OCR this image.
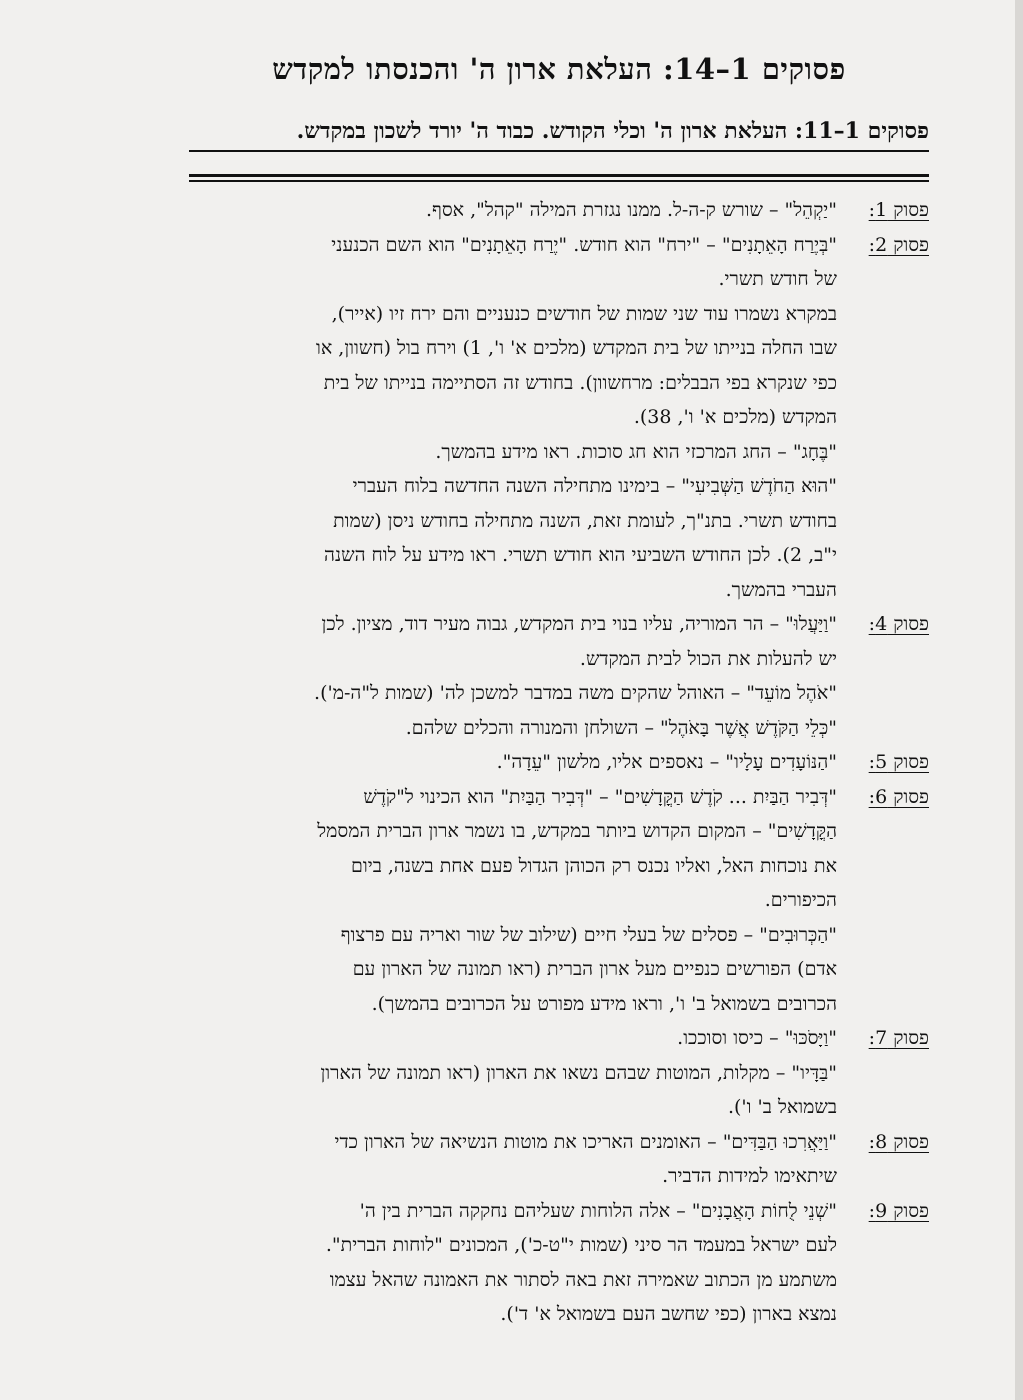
פסוקים 1–14: העלאת ארון ה' והכנסתו למקדש
פסוקים 1–11: העלאת ארון ה' וכלי הקודש. כבוד ה' יורד לשכון במקדש.
פסוק 1:
"יַקְהֵל" – שורש ק-ה-ל. ממנו נגזרת המילה "קהל", אסף.
פסוק 2:
"בְּיֶרַח הָאֵתָנִים" – "ירח" הוא חודש. "יֶרַח הָאֵתָנִים" הוא השם הכנעני
של חודש תשרי.
במקרא נשמרו עוד שני שמות של חודשים כנעניים והם ירח זיו (אייר),
שבו החלה בנייתו של בית המקדש (מלכים א' ו', 1) וירח בול (חשוון, או
כפי שנקרא בפי הבבלים: מרחשוון). בחודש זה הסתיימה בנייתו של בית
המקדש (מלכים א' ו', 38).
"בֶּחָג" – החג המרכזי הוא חג סוכות. ראו מידע בהמשך.
"הוּא הַחֹדֶשׁ הַשְּׁבִיעִי" – בימינו מתחילה השנה החדשה בלוח העברי
בחודש תשרי. בתנ"ך, לעומת זאת, השנה מתחילה בחודש ניסן (שמות
י"ב, 2). לכן החודש השביעי הוא חודש תשרי. ראו מידע על לוח השנה
העברי בהמשך.
פסוק 4:
"וַיַּעֲלוּ" – הר המוריה, עליו בנוי בית המקדש, גבוה מעיר דוד, מציון. לכן
יש להעלות את הכול לבית המקדש.
"אֹהֶל מוֹעֵד" – האוהל שהקים משה במדבר למשכן לה' (שמות ל"ה-מ').
"כְּלֵי הַקֹּדֶשׁ אֲשֶׁר בָּאֹהֶל" – השולחן והמנורה והכלים שלהם.
פסוק 5:
"הַנּוֹעָדִים עָלָיו" – נאספים אליו, מלשון "עֵדָה".
פסוק 6:
"דְּבִיר הַבַּיִת ... קֹדֶשׁ הַקֳּדָשִׁים" – "דְּבִיר הַבַּיִת" הוא הכינוי ל"קֹדֶשׁ
הַקֳּדָשִׁים" – המקום הקדוש ביותר במקדש, בו נשמר ארון הברית המסמל
את נוכחות האל, ואליו נכנס רק הכוהן הגדול פעם אחת בשנה, ביום
הכיפורים.
"הַכְּרוּבִים" – פסלים של בעלי חיים (שילוב של שור ואריה עם פרצוף
אדם) הפורשים כנפיים מעל ארון הברית (ראו תמונה של הארון עם
הכרובים בשמואל ב' ו', וראו מידע מפורט על הכרובים בהמשך).
פסוק 7:
"וַיָּסֹכּוּ" – כיסו וסוככו.
"בַּדָּיו" – מקלות, המוטות שבהם נשאו את הארון (ראו תמונה של הארון
בשמואל ב' ו').
פסוק 8:
"וַיַּאֲרִכוּ הַבַּדִּים" – האומנים האריכו את מוטות הנשיאה של הארון כדי
שיתאימו למידות הדביר.
פסוק 9:
"שְׁנֵי לֻחוֹת הָאֲבָנִים" – אלה הלוחות שעליהם נחקקה הברית בין ה'
לעם ישראל במעמד הר סיני (שמות י"ט-כ'), המכונים "לוחות הברית".
משתמע מן הכתוב שאמירה זאת באה לסתור את האמונה שהאל עצמו
נמצא בארון (כפי שחשב העם בשמואל א' ד').
